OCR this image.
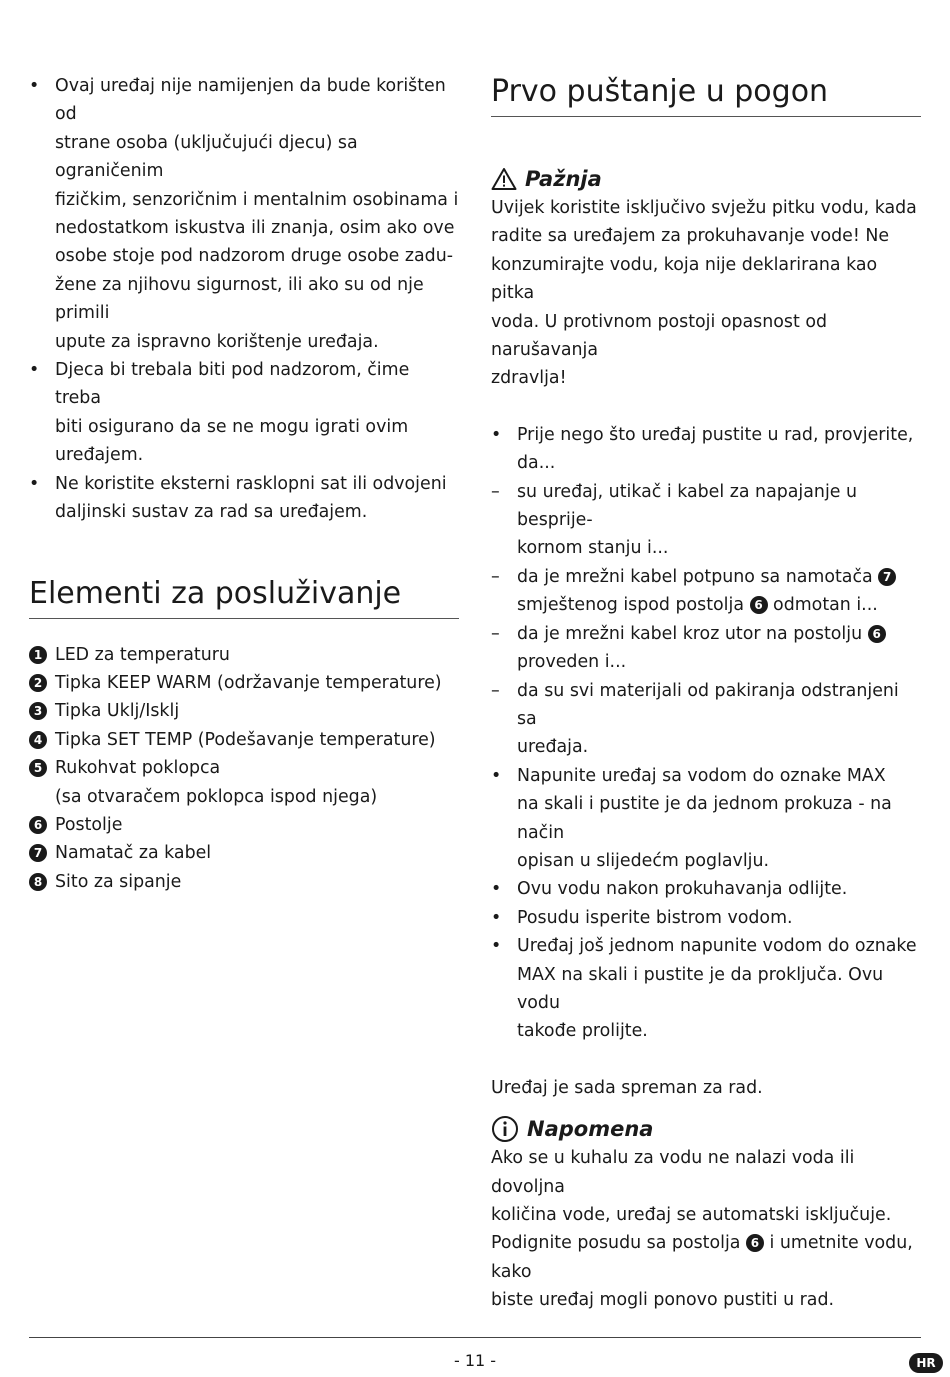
• Ovaj uređaj nije namijenjen da bude korišten od
strane osoba (uključujući djecu) sa ograničenim
fizičkim, senzoričnim i mentalnim osobinama i
nedostatkom iskustva ili znanja, osim ako ove
osobe stoje pod nadzorom druge osobe zadu-
žene za njihovu sigurnost, ili ako su od nje primili
upute za ispravno korištenje uređaja.
• Djeca bi trebala biti pod nadzorom, čime treba
biti osigurano da se ne mogu igrati ovim
uređajem.
• Ne koristite eksterni rasklopni sat ili odvojeni
daljinski sustav za rad sa uređajem.
Elementi za posluživanje
1 LED za temperaturu
2 Tipka KEEP WARM (održavanje temperature)
3 Tipka Uklj/Isklj
4 Tipka SET TEMP (Podešavanje temperature)
5 Rukohvat poklopca
(sa otvaračem poklopca ispod njega)
6 Postolje
7 Namatač za kabel
8 Sito za sipanje
Prvo puštanje u pogon
Pažnja
Uvijek koristite isključivo svježu pitku vodu, kada
radite sa uređajem za prokuhavanje vode! Ne
konzumirajte vodu, koja nije deklarirana kao pitka
voda. U protivnom postoji opasnost od narušavanja
zdravlja!
• Prije nego što uređaj pustite u rad, provjerite,
da...
– su uređaj, utikač i kabel za napajanje u besprije-
kornom stanju i...
– da je mrežni kabel potpuno sa namotača 7
smještenog ispod postolja 6 odmotan i...
– da je mrežni kabel kroz utor na postolju 6
proveden i...
– da su svi materijali od pakiranja odstranjeni sa
uređaja.
• Napunite uređaj sa vodom do oznake MAX
na skali i pustite je da jednom prokuza - na način
opisan u slijedećm poglavlju.
• Ovu vodu nakon prokuhavanja odlijte.
• Posudu isperite bistrom vodom.
• Uređaj još jednom napunite vodom do oznake
MAX na skali i pustite je da proključa. Ovu vodu
takođe prolijte.
Uređaj je sada spreman za rad.
Napomena
Ako se u kuhalu za vodu ne nalazi voda ili dovoljna
količina vode, uređaj se automatski isključuje.
Podignite posudu sa postolja 6 i umetnite vodu, kako
biste uređaj mogli ponovo pustiti u rad.
- 11 -	HR
